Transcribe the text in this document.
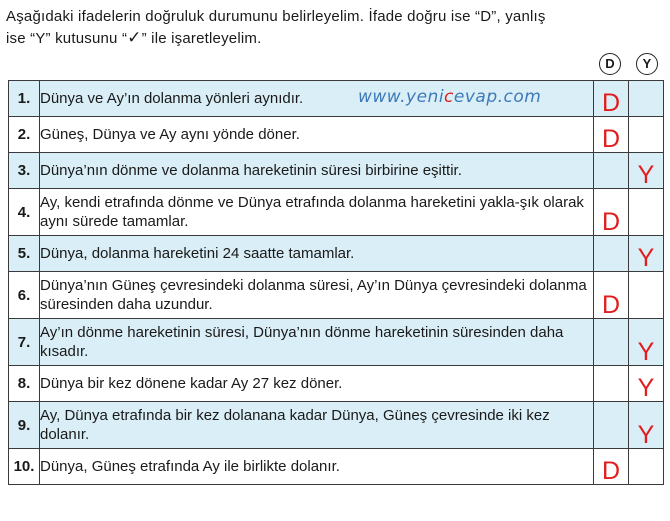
Aşağıdaki ifadelerin doğruluk durumunu belirleyelim. İfade doğru ise “D”, yanlış
ise “Y” kutusunu “✓” ile işaretleyelim.
D	Y
1.	Dünya ve Ay’ın dolanma yönleri aynıdır.	D	
2.	Güneş, Dünya ve Ay aynı yönde döner.	D	
3.	Dünya’nın dönme ve dolanma hareketinin süresi birbirine eşittir.		Y
4.	Ay, kendi etrafında dönme ve Dünya etrafında dolanma hareketini yakla-şık olarak aynı sürede tamamlar.	D	
5.	Dünya, dolanma hareketini 24 saatte tamamlar.		Y
6.	Dünya’nın Güneş çevresindeki dolanma süresi, Ay’ın Dünya çevresindeki dolanma süresinden daha uzundur.	D	
7.	Ay’ın dönme hareketinin süresi, Dünya’nın dönme hareketinin süresinden daha kısadır.		Y
8.	Dünya bir kez dönene kadar Ay 27 kez döner.		Y
9.	Ay, Dünya etrafında bir kez dolanana kadar Dünya, Güneş çevresinde iki kez dolanır.		Y
10.	Dünya, Güneş etrafında Ay ile birlikte dolanır.	D	
www.yenicevap.com
